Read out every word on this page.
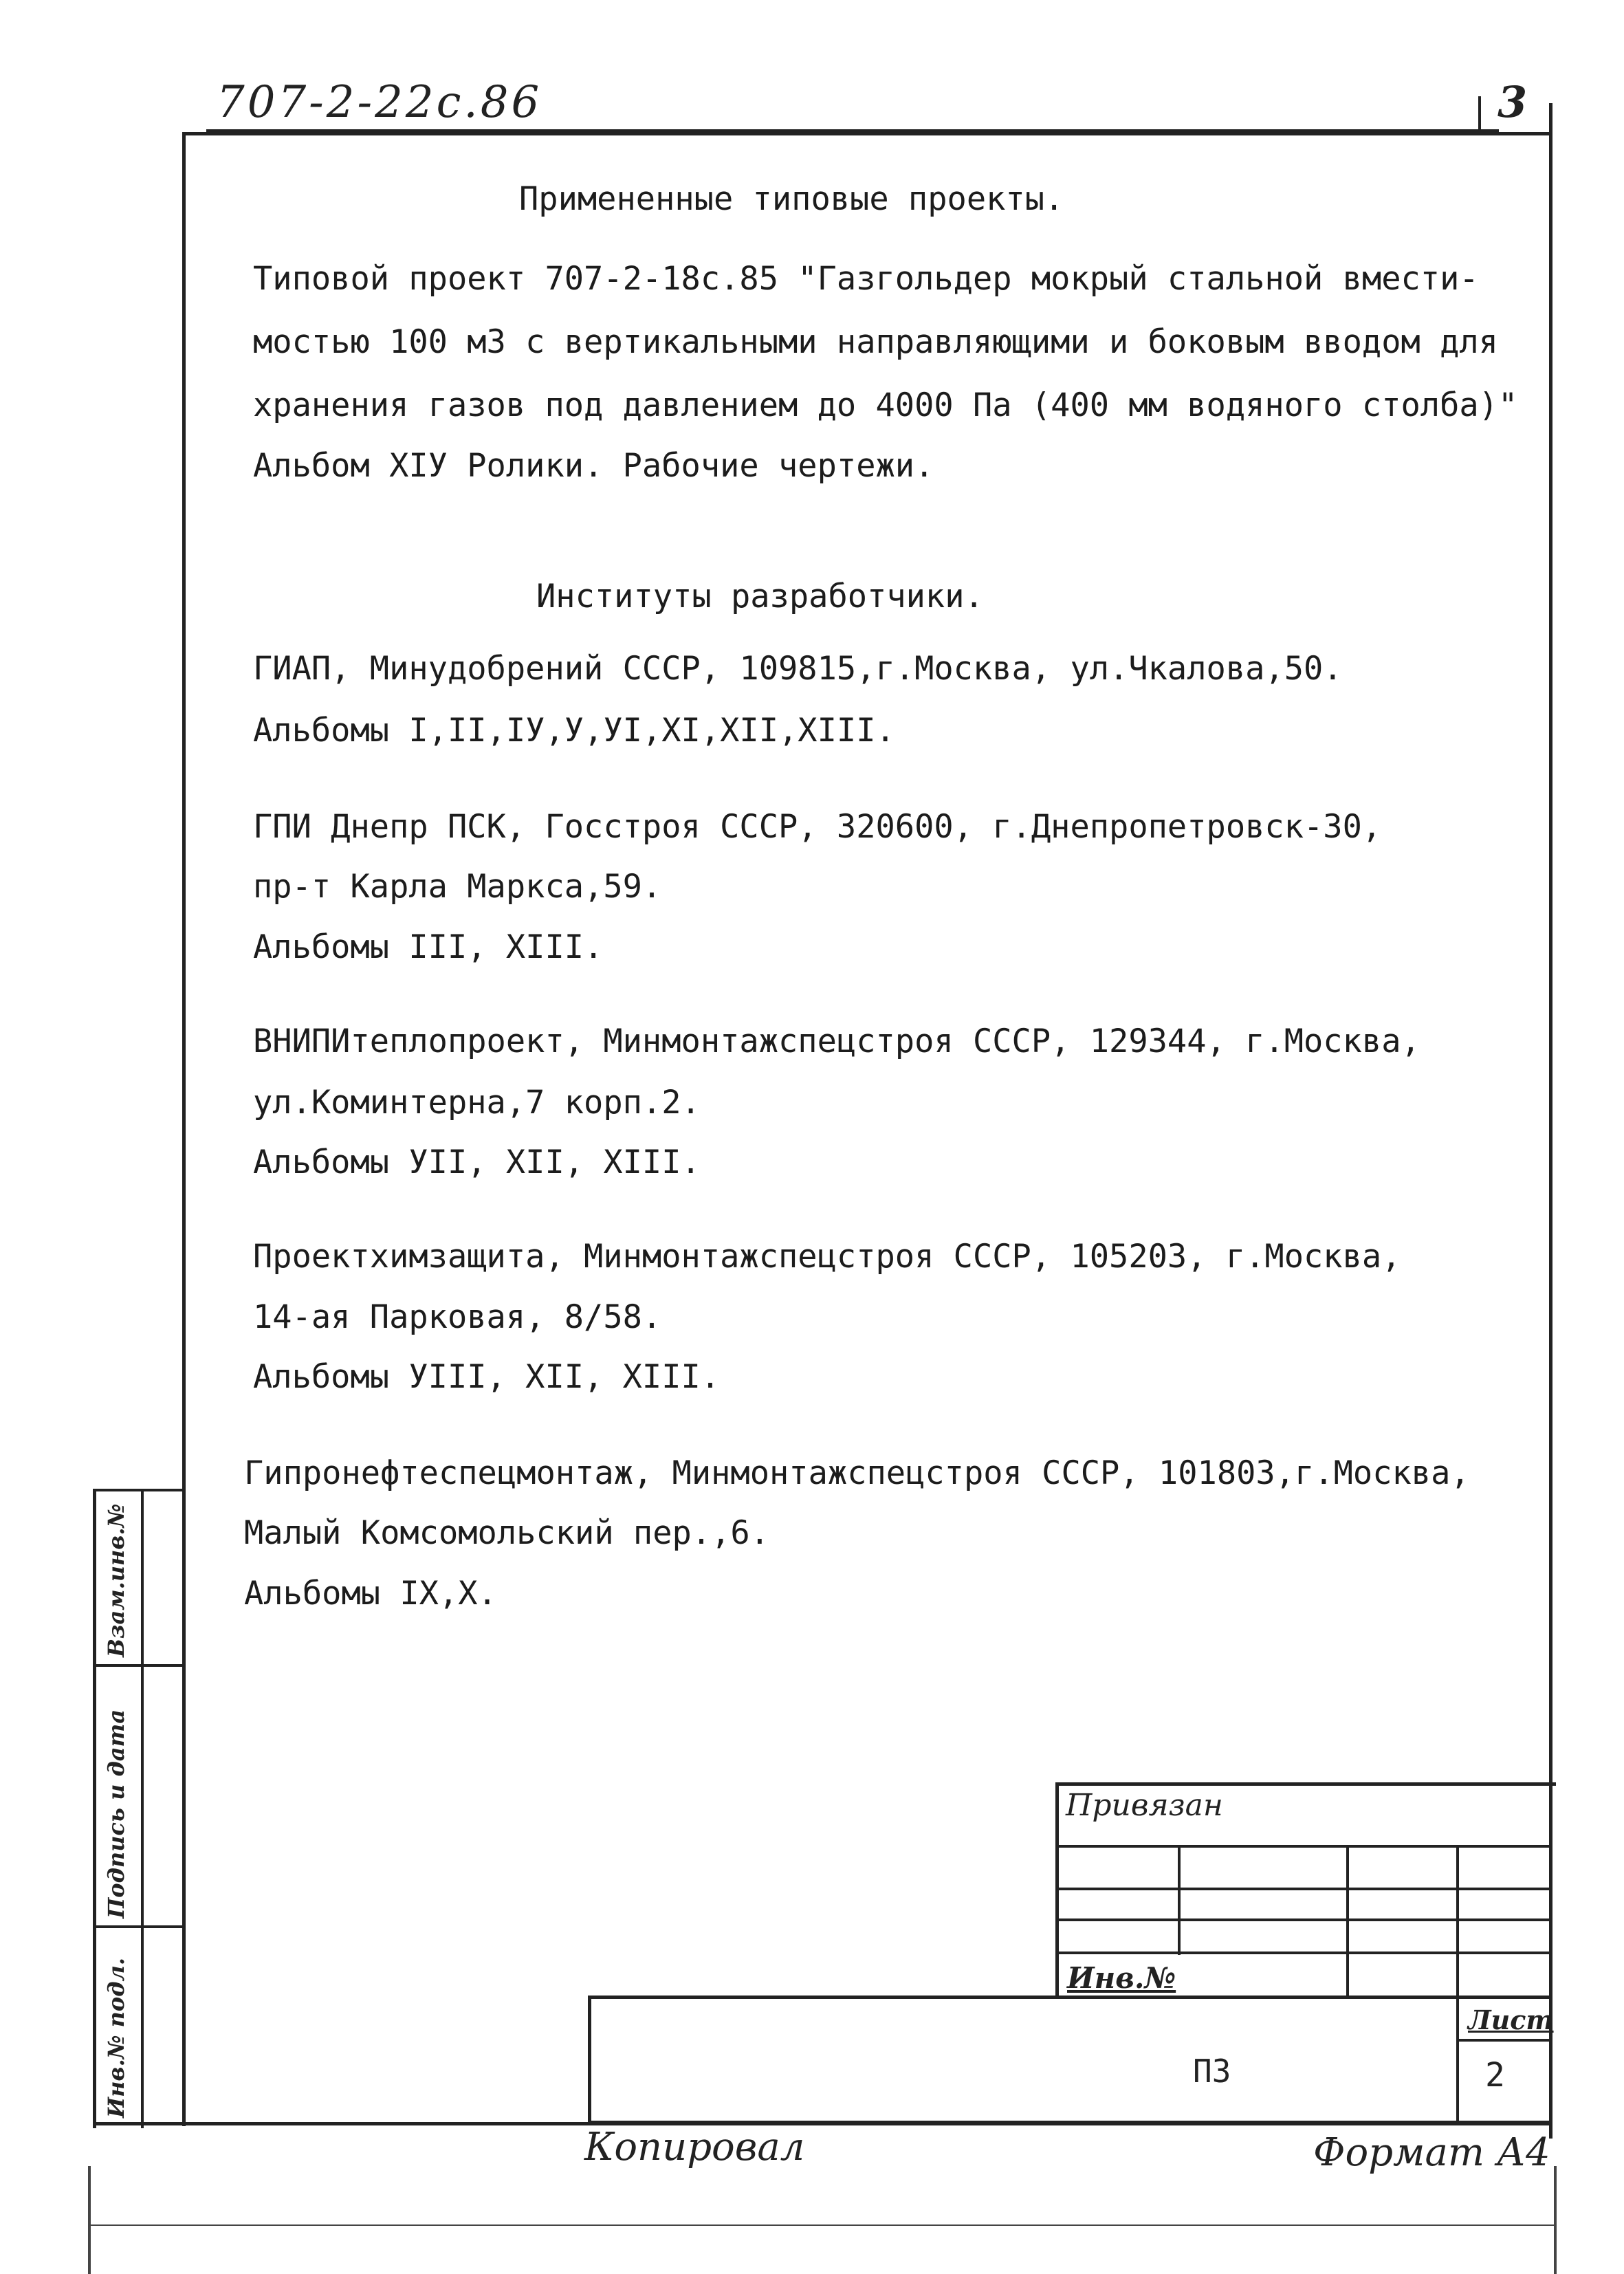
707-2-22с.86	3
Примененные типовые проекты.
Типовой проект 707-2-18с.85 "Газгольдер мокрый стальной вмести-
мостью 100 м3 с вертикальными направляющими и боковым вводом для
хранения газов под давлением до 4000 Па (400 мм водяного столба)"
Альбом XIУ Ролики. Рабочие чертежи.
Институты разработчики.
ГИАП, Минудобрений СССР, 109815,г.Москва, ул.Чкалова,50.
Альбомы I,II,IУ,У,УI,XI,XII,XIII.
ГПИ Днепр ПСК, Госстроя СССР, 320600, г.Днепропетровск-30,
пр-т Карла Маркса,59.
Альбомы III, XIII.
ВНИПИтеплопроект, Минмонтажспецстроя СССР, 129344, г.Москва,
ул.Коминтерна,7 корп.2.
Альбомы УII, XII, XIII.
Проектхимзащита, Минмонтажспецстроя СССР, 105203, г.Москва,
14-ая Парковая, 8/58.
Альбомы УIII, XII, XIII.
Гипронефтеспецмонтаж, Минмонтажспецстроя СССР, 101803,г.Москва,
Малый Комсомольский пер.,6.
Альбомы IX,X.
Взам.инв.№
Подпись и дата
Инв.№ подл.
Привязан
Инв.№
ПЗ
Лист
2
Копировал	Формат А4
